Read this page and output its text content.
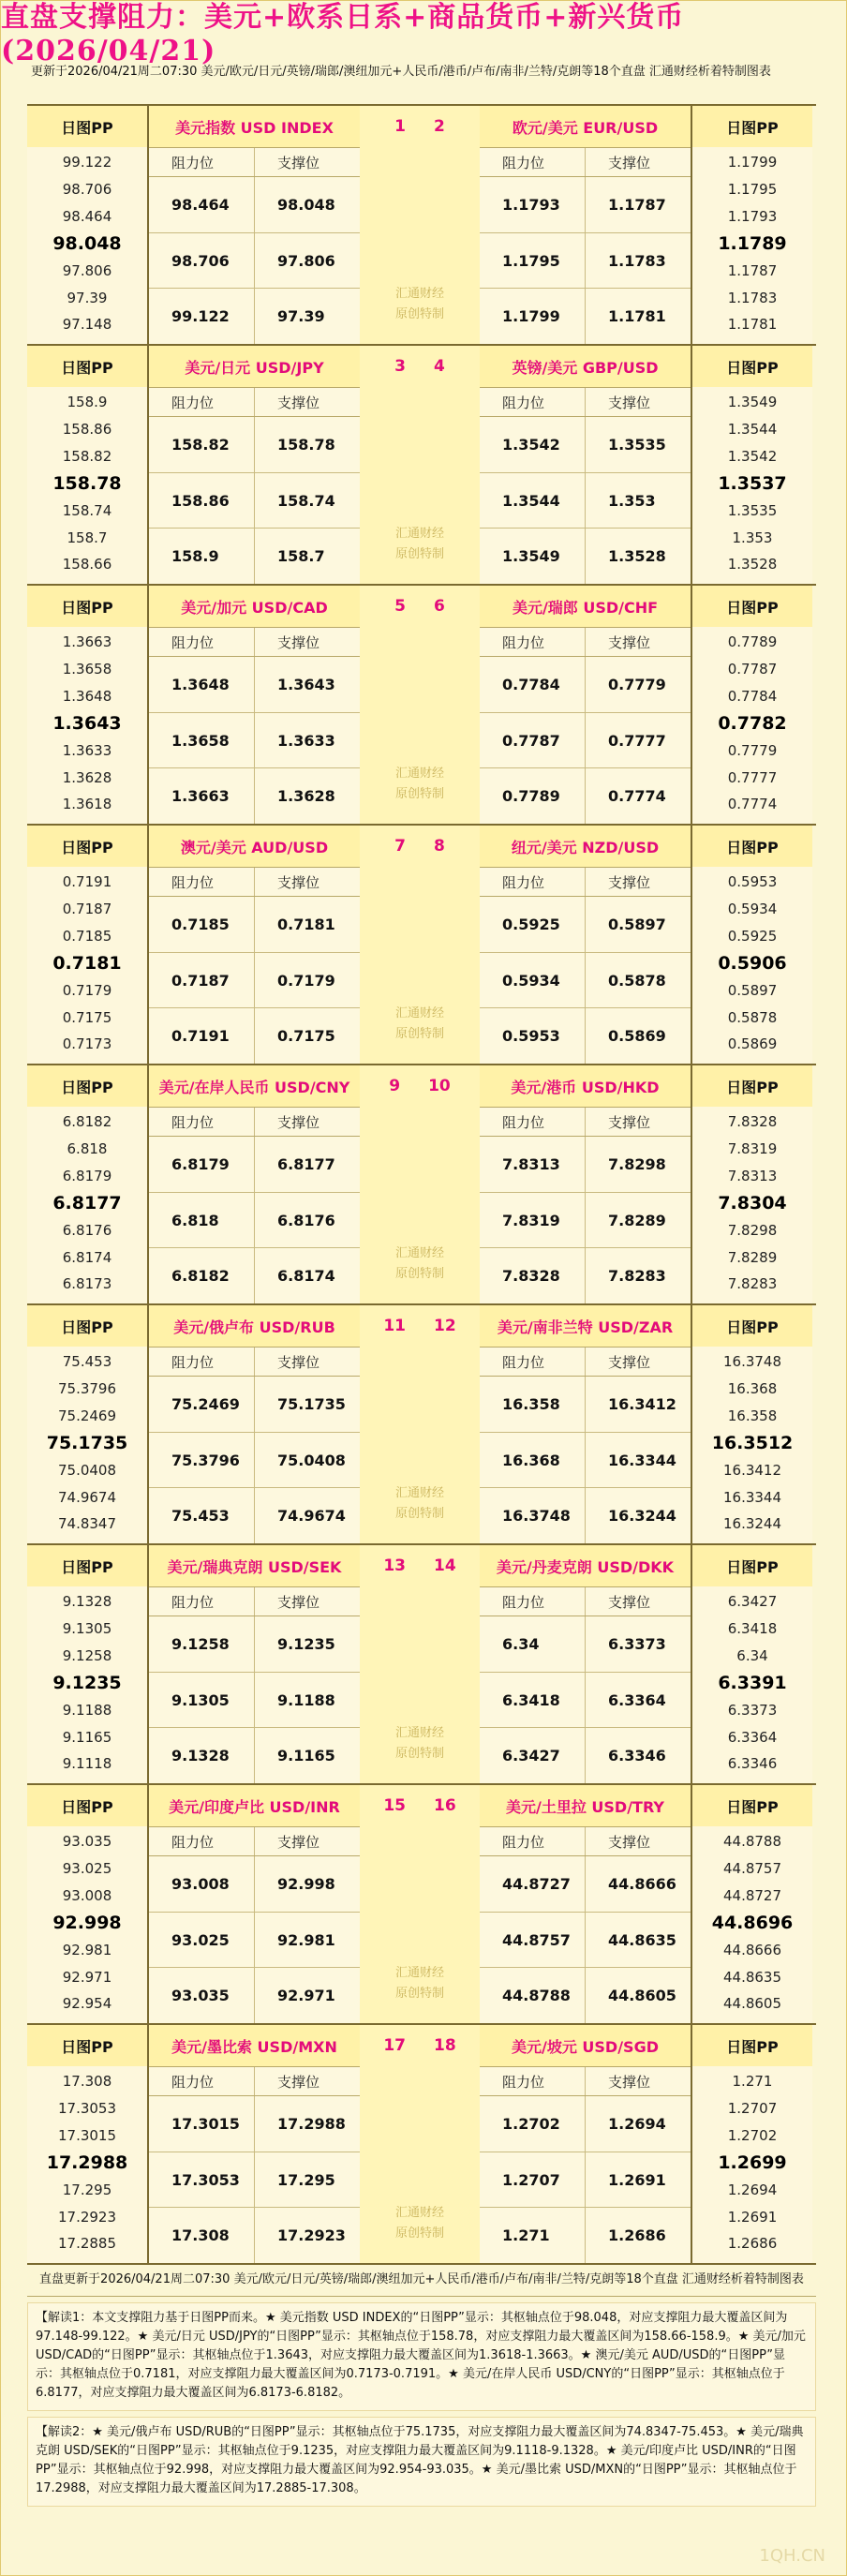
直盘支撑阻力：美元+欧系日系+商品货币+新兴货币(2026/04/21)
更新于2026/04/21周二07:30 美元/欧元/日元/英镑/瑞郎/澳纽加元+人民币/港币/卢布/南非/兰特/克朗等18个直盘 汇通财经析着特制图表
日图PP
99.122
98.706
98.464
98.048
97.806
97.39
97.148
美元指数 USD INDEX
阻力位	支撑位
98.464	98.048
98.706	97.806
99.122	97.39
1 2
汇通财经
原创特制
欧元/美元 EUR/USD
阻力位	支撑位
1.1793	1.1787
1.1795	1.1783
1.1799	1.1781
日图PP
1.1799
1.1795
1.1793
1.1789
1.1787
1.1783
1.1781
日图PP
158.9
158.86
158.82
158.78
158.74
158.7
158.66
美元/日元 USD/JPY
阻力位	支撑位
158.82	158.78
158.86	158.74
158.9	158.7
3 4
汇通财经
原创特制
英镑/美元 GBP/USD
阻力位	支撑位
1.3542	1.3535
1.3544	1.353
1.3549	1.3528
日图PP
1.3549
1.3544
1.3542
1.3537
1.3535
1.353
1.3528
日图PP
1.3663
1.3658
1.3648
1.3643
1.3633
1.3628
1.3618
美元/加元 USD/CAD
阻力位	支撑位
1.3648	1.3643
1.3658	1.3633
1.3663	1.3628
5 6
汇通财经
原创特制
美元/瑞郎 USD/CHF
阻力位	支撑位
0.7784	0.7779
0.7787	0.7777
0.7789	0.7774
日图PP
0.7789
0.7787
0.7784
0.7782
0.7779
0.7777
0.7774
日图PP
0.7191
0.7187
0.7185
0.7181
0.7179
0.7175
0.7173
澳元/美元 AUD/USD
阻力位	支撑位
0.7185	0.7181
0.7187	0.7179
0.7191	0.7175
7 8
汇通财经
原创特制
纽元/美元 NZD/USD
阻力位	支撑位
0.5925	0.5897
0.5934	0.5878
0.5953	0.5869
日图PP
0.5953
0.5934
0.5925
0.5906
0.5897
0.5878
0.5869
日图PP
6.8182
6.818
6.8179
6.8177
6.8176
6.8174
6.8173
美元/在岸人民币 USD/CNY
阻力位	支撑位
6.8179	6.8177
6.818	6.8176
6.8182	6.8174
9 10
汇通财经
原创特制
美元/港币 USD/HKD
阻力位	支撑位
7.8313	7.8298
7.8319	7.8289
7.8328	7.8283
日图PP
7.8328
7.8319
7.8313
7.8304
7.8298
7.8289
7.8283
日图PP
75.453
75.3796
75.2469
75.1735
75.0408
74.9674
74.8347
美元/俄卢布 USD/RUB
阻力位	支撑位
75.2469	75.1735
75.3796	75.0408
75.453	74.9674
11 12
汇通财经
原创特制
美元/南非兰特 USD/ZAR
阻力位	支撑位
16.358	16.3412
16.368	16.3344
16.3748	16.3244
日图PP
16.3748
16.368
16.358
16.3512
16.3412
16.3344
16.3244
日图PP
9.1328
9.1305
9.1258
9.1235
9.1188
9.1165
9.1118
美元/瑞典克朗 USD/SEK
阻力位	支撑位
9.1258	9.1235
9.1305	9.1188
9.1328	9.1165
13 14
汇通财经
原创特制
美元/丹麦克朗 USD/DKK
阻力位	支撑位
6.34	6.3373
6.3418	6.3364
6.3427	6.3346
日图PP
6.3427
6.3418
6.34
6.3391
6.3373
6.3364
6.3346
日图PP
93.035
93.025
93.008
92.998
92.981
92.971
92.954
美元/印度卢比 USD/INR
阻力位	支撑位
93.008	92.998
93.025	92.981
93.035	92.971
15 16
汇通财经
原创特制
美元/土里拉 USD/TRY
阻力位	支撑位
44.8727	44.8666
44.8757	44.8635
44.8788	44.8605
日图PP
44.8788
44.8757
44.8727
44.8696
44.8666
44.8635
44.8605
日图PP
17.308
17.3053
17.3015
17.2988
17.295
17.2923
17.2885
美元/墨比索 USD/MXN
阻力位	支撑位
17.3015	17.2988
17.3053	17.295
17.308	17.2923
17 18
汇通财经
原创特制
美元/坡元 USD/SGD
阻力位	支撑位
1.2702	1.2694
1.2707	1.2691
1.271	1.2686
日图PP
1.271
1.2707
1.2702
1.2699
1.2694
1.2691
1.2686
直盘更新于2026/04/21周二07:30 美元/欧元/日元/英镑/瑞郎/澳纽加元+人民币/港币/卢布/南非/兰特/克朗等18个直盘 汇通财经析着特制图表
【解读1：本文支撑阻力基于日图PP而来。★ 美元指数 USD INDEX的“日图PP”显示：其枢轴点位于98.048，对应支撑阻力最大覆盖区间为97.148-99.122。★ 美元/日元 USD/JPY的“日图PP”显示：其枢轴点位于158.78，对应支撑阻力最大覆盖区间为158.66-158.9。★ 美元/加元 USD/CAD的“日图PP”显示：其枢轴点位于1.3643，对应支撑阻力最大覆盖区间为1.3618-1.3663。★ 澳元/美元 AUD/USD的“日图PP”显示：其枢轴点位于0.7181，对应支撑阻力最大覆盖区间为0.7173-0.7191。★ 美元/在岸人民币 USD/CNY的“日图PP”显示：其枢轴点位于6.8177，对应支撑阻力最大覆盖区间为6.8173-6.8182。
【解读2：★ 美元/俄卢布 USD/RUB的“日图PP”显示：其枢轴点位于75.1735，对应支撑阻力最大覆盖区间为74.8347-75.453。★ 美元/瑞典克朗 USD/SEK的“日图PP”显示：其枢轴点位于9.1235，对应支撑阻力最大覆盖区间为9.1118-9.1328。★ 美元/印度卢比 USD/INR的“日图PP”显示：其枢轴点位于92.998，对应支撑阻力最大覆盖区间为92.954-93.035。★ 美元/墨比索 USD/MXN的“日图PP”显示：其枢轴点位于17.2988，对应支撑阻力最大覆盖区间为17.2885-17.308。
1QH.CN
